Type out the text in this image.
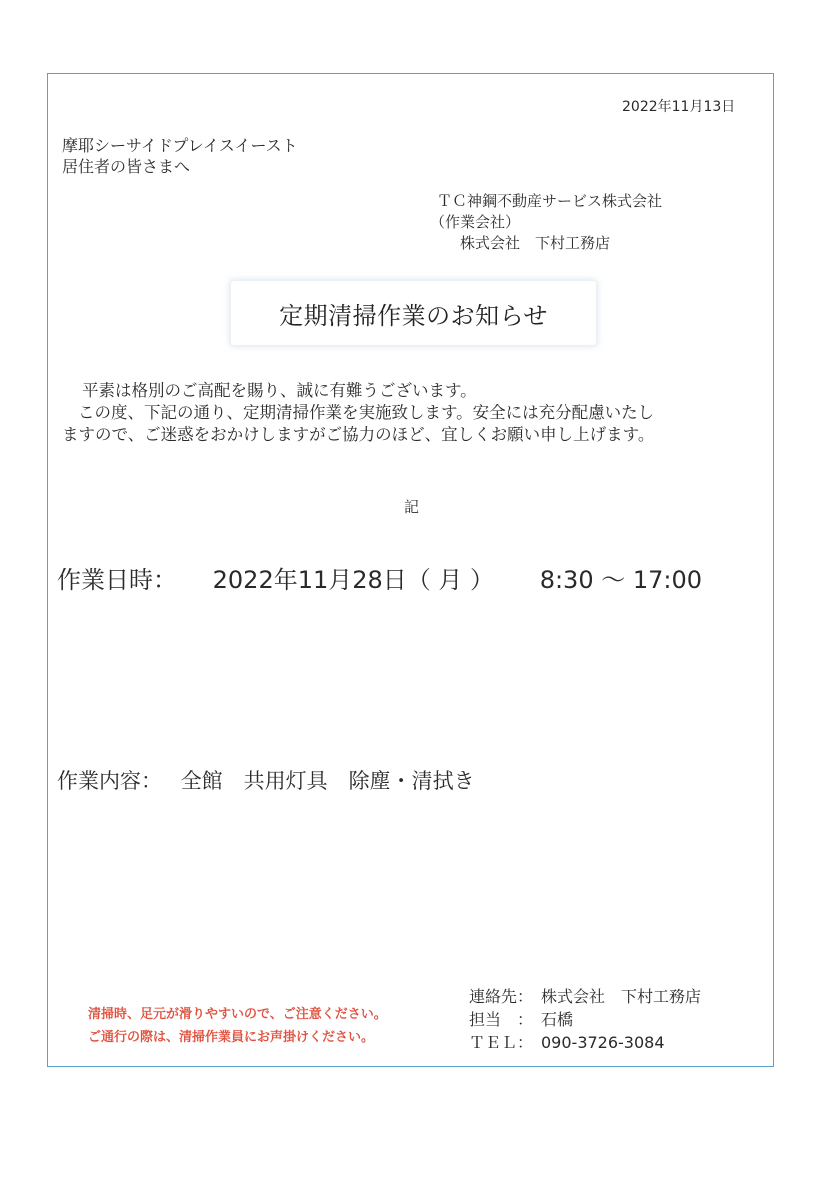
2022年11月13日
摩耶シーサイドプレイスイースト
居住者の皆さまへ
ＴＣ神鋼不動産サービス株式会社
（作業会社）
株式会社　下村工務店
定期清掃作業のお知らせ
平素は格別のご高配を賜り、誠に有難うございます。
この度、下記の通り、定期清掃作業を実施致します。安全には充分配慮いたし
ますので、ご迷惑をおかけしますがご協力のほど、宜しくお願い申し上げます。
記
作業日時： 2022年11月28日（ 月 ） 8:30 ～ 17:00
作業内容： 全館　共用灯具　除塵・清拭き
清掃時、足元が滑りやすいので、ご注意ください。
ご通行の際は、清掃作業員にお声掛けください。
連絡先： 株式会社　下村工務店
担当　： 石橋
ＴＥＬ： 090-3726-3084
